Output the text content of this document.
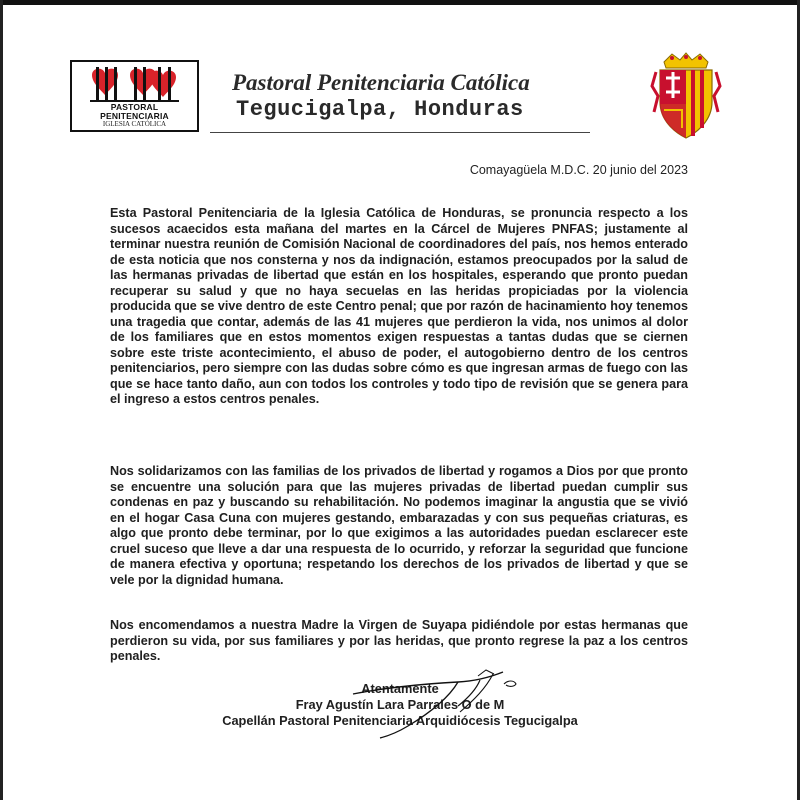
PASTORAL
PENITENCIARIA
IGLESIA CATÓLICA
Pastoral Penitenciaria Católica
Tegucigalpa, Honduras
Comayagüela M.D.C. 20 junio del 2023

Esta Pastoral Penitenciaria de la Iglesia Católica de Honduras, se pronuncia respecto a los sucesos acaecidos esta mañana del martes en la Cárcel de Mujeres PNFAS; justamente al terminar nuestra reunión de Comisión Nacional de coordinadores del país, nos hemos enterado de esta noticia que nos consterna y nos da indignación, estamos preocupados por la salud de las hermanas privadas de libertad que están en los hospitales, esperando que pronto puedan recuperar su salud y que no haya secuelas en las heridas propiciadas por la violencia producida que se vive dentro de este Centro penal; que por razón de hacinamiento hoy tenemos una tragedia que contar, además de las 41 mujeres que perdieron la vida, nos unimos al dolor de los familiares que en estos momentos exigen respuestas a tantas dudas que se ciernen sobre este triste acontecimiento, el abuso de poder, el autogobierno dentro de los centros penitenciarios, pero siempre con las dudas sobre cómo es que ingresan armas de fuego con las que se hace tanto daño, aun con todos los controles y todo tipo de revisión que se genera para el ingreso a estos centros penales.

Nos solidarizamos con las familias de los privados de libertad y rogamos a Dios por que pronto se encuentre una solución para que las mujeres privadas de libertad puedan cumplir sus condenas en paz y buscando su rehabilitación. No podemos imaginar la angustia que se vivió en el hogar Casa Cuna con mujeres gestando, embarazadas y con sus pequeñas criaturas, es algo que pronto debe terminar, por lo que exigimos a las autoridades puedan esclarecer este cruel suceso que lleve a dar una respuesta de lo ocurrido, y reforzar la seguridad que funcione de manera efectiva y oportuna; respetando los derechos de los privados de libertad y que se vele por la dignidad humana.

Nos encomendamos a nuestra Madre la Virgen de Suyapa pidiéndole por estas hermanas que perdieron su vida, por sus familiares y por las heridas, que pronto regrese la paz a los centros penales.

Atentamente
Fray Agustín Lara Parrales O de M
Capellán Pastoral Penitenciaria Arquidiócesis Tegucigalpa
